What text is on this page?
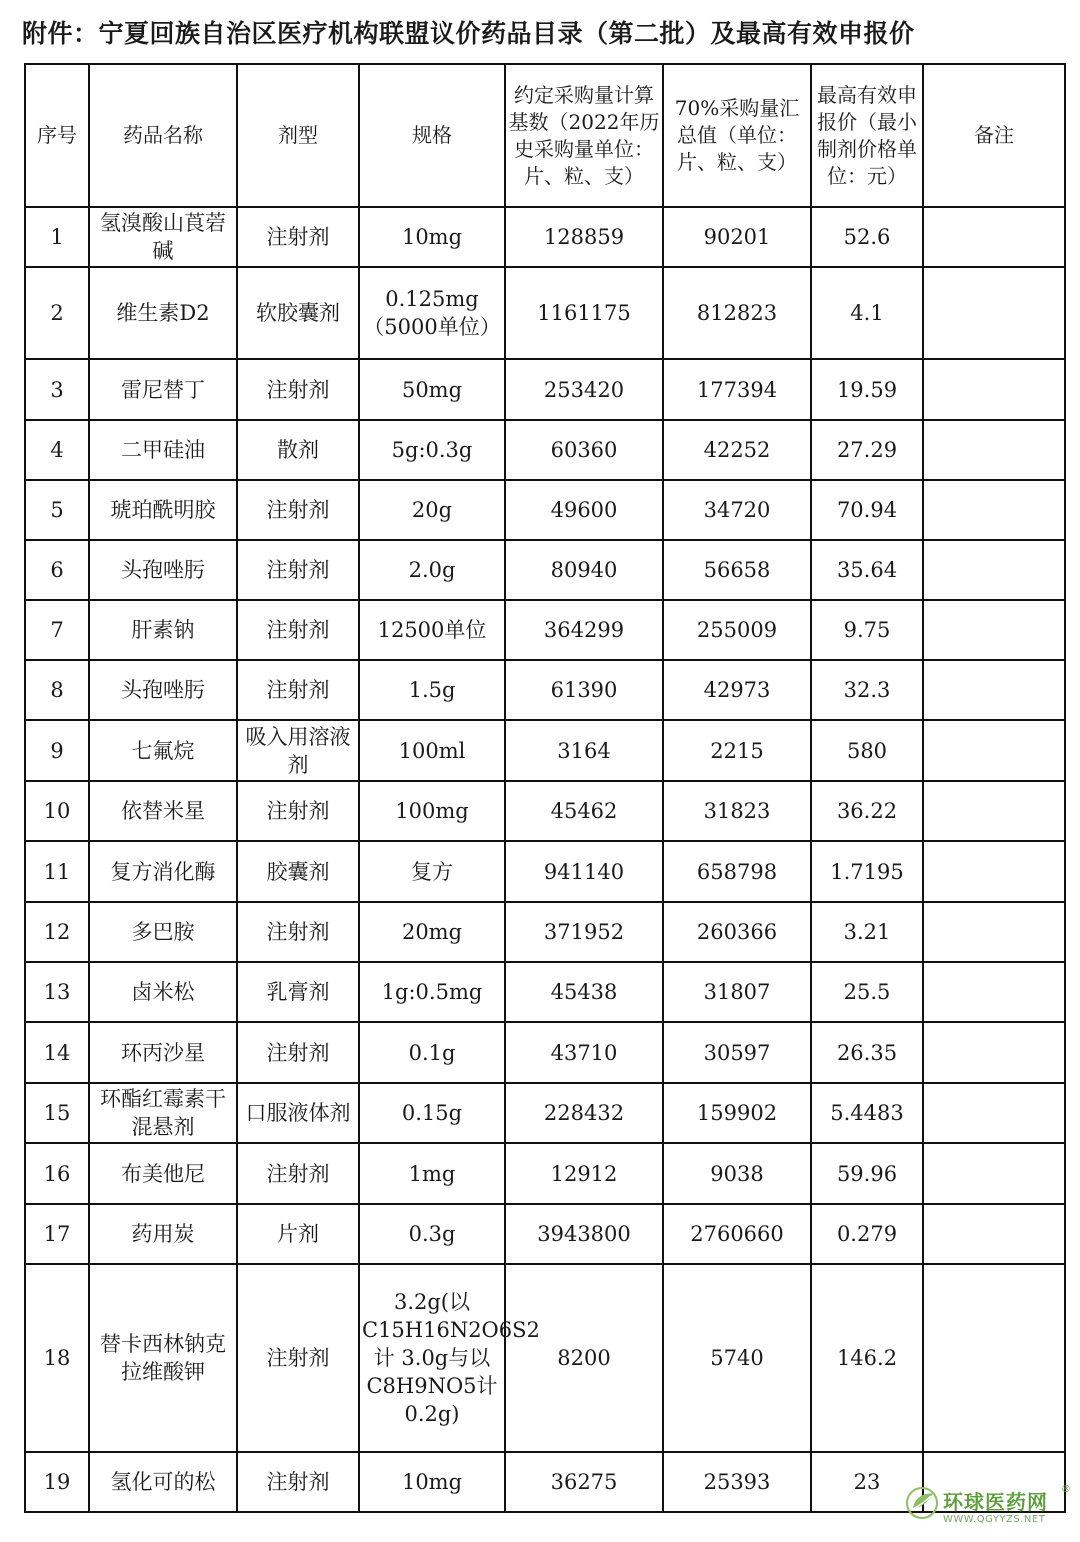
附件：宁夏回族自治区医疗机构联盟议价药品目录（第二批）及最高有效申报价
序号	药品名称	剂型	规格	约定采购量计算基数（2022年历史采购量单位：片、粒、支）	70%采购量汇总值（单位：片、粒、支）	最高有效申报价（最小制剂价格单位：元）	备注
1	氢溴酸山莨菪碱	注射剂	10mg	128859	90201	52.6	
2	维生素D2	软胶囊剂	0.125mg（5000单位）	1161175	812823	4.1	
3	雷尼替丁	注射剂	50mg	253420	177394	19.59	
4	二甲硅油	散剂	5g:0.3g	60360	42252	27.29	
5	琥珀酰明胶	注射剂	20g	49600	34720	70.94	
6	头孢唑肟	注射剂	2.0g	80940	56658	35.64	
7	肝素钠	注射剂	12500单位	364299	255009	9.75	
8	头孢唑肟	注射剂	1.5g	61390	42973	32.3	
9	七氟烷	吸入用溶液剂	100ml	3164	2215	580	
10	依替米星	注射剂	100mg	45462	31823	36.22	
11	复方消化酶	胶囊剂	复方	941140	658798	1.7195	
12	多巴胺	注射剂	20mg	371952	260366	3.21	
13	卤米松	乳膏剂	1g:0.5mg	45438	31807	25.5	
14	环丙沙星	注射剂	0.1g	43710	30597	26.35	
15	环酯红霉素干混悬剂	口服液体剂	0.15g	228432	159902	5.4483	
16	布美他尼	注射剂	1mg	12912	9038	59.96	
17	药用炭	片剂	0.3g	3943800	2760660	0.279	
18	替卡西林钠克拉维酸钾	注射剂	3.2g(以C15H16N2O6S2计 3.0g与以C8H9NO5计0.2g)	8200	5740	146.2	
19	氢化可的松	注射剂	10mg	36275	25393	23	
环球医药网
®
WWW.QGYYZS.NET
